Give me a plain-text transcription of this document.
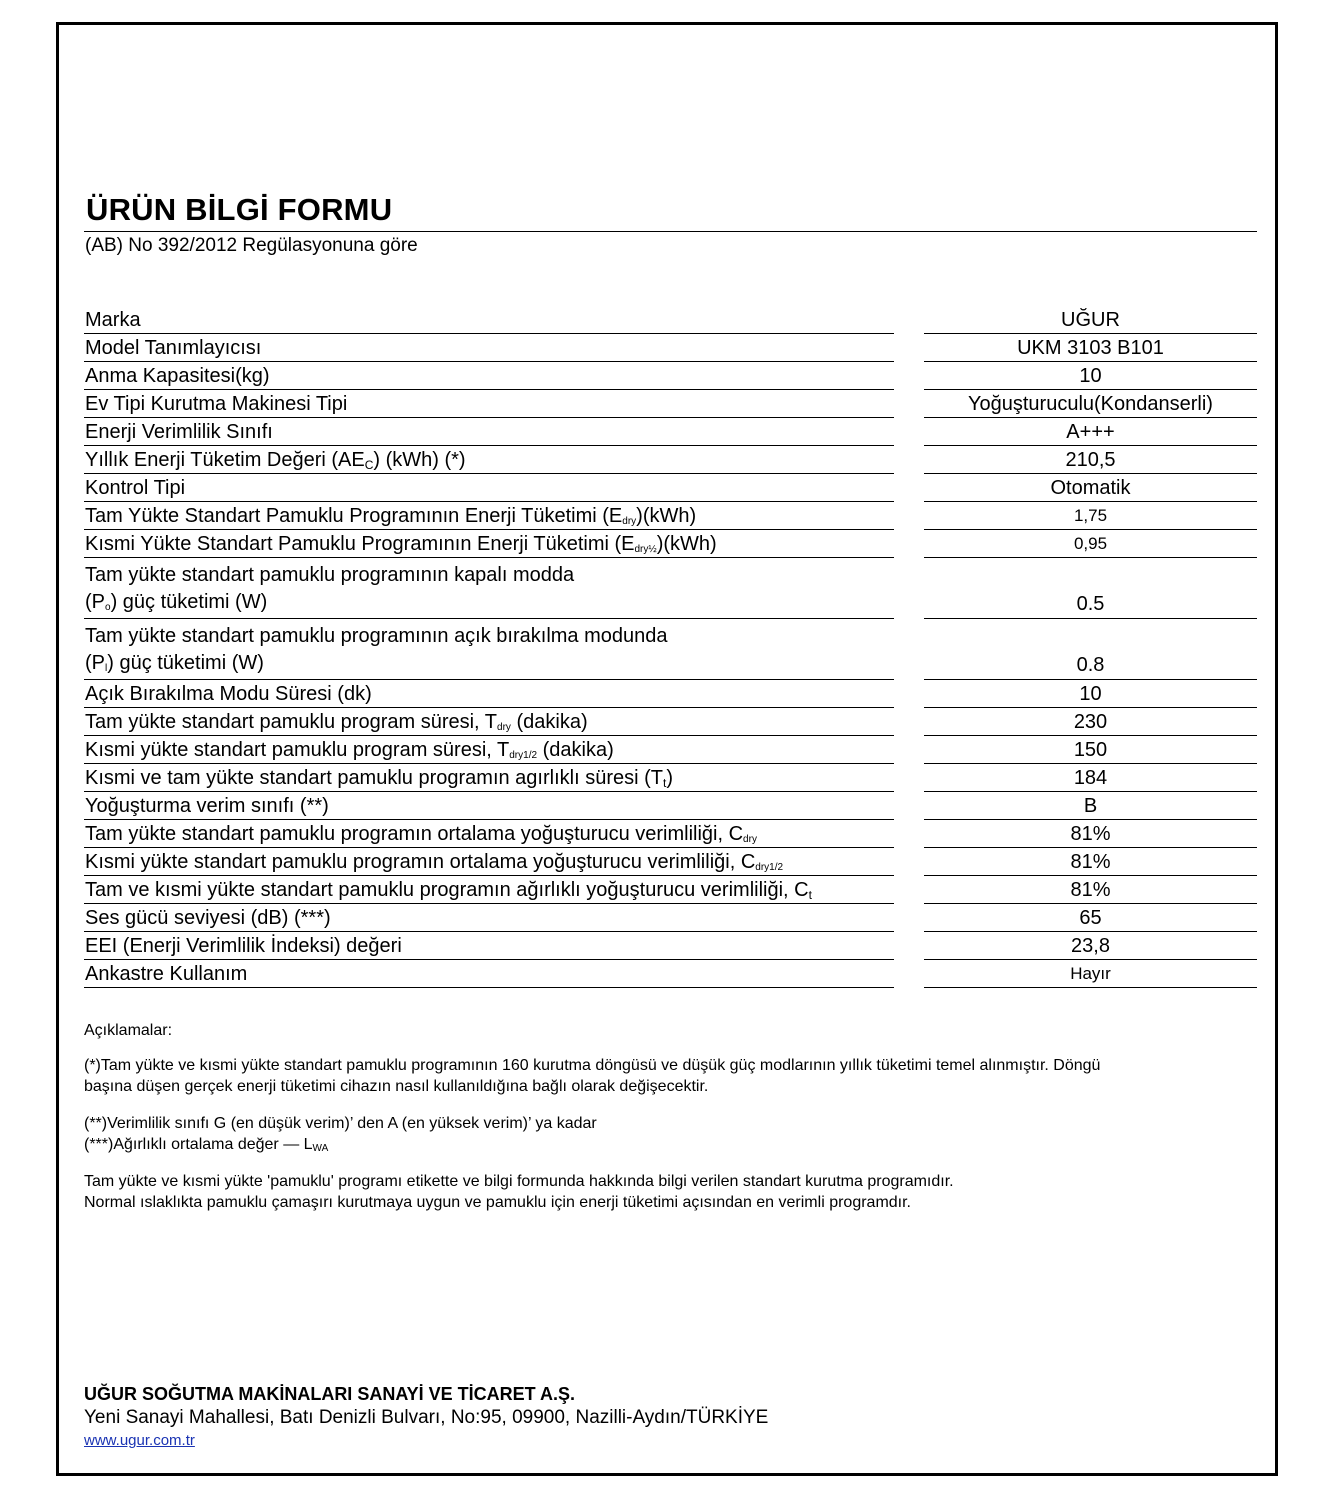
ÜRÜN BİLGİ FORMU
(AB) No 392/2012 Regülasyonuna göre
Marka	UĞUR
Model Tanımlayıcısı	UKM 3103 B101
Anma Kapasitesi(kg)	10
Ev Tipi Kurutma Makinesi Tipi	Yoğuşturuculu(Kondanserli)
Enerji Verimlilik Sınıfı	A+++
Yıllık Enerji Tüketim Değeri $(AE_C)$ (kWh) (*)	210,5
Kontrol Tipi	Otomatik
Tam Yükte Standart Pamuklu Programının Enerji Tüketimi $(E_{dry})(kWh)$	1,75
Kısmi Yükte Standart Pamuklu Programının Enerji Tüketimi $(E_{dry\frac{1}{2}})(kWh)$	0,95
Tam yükte standart pamuklu programının kapalı modda
$(P_o)$ güç tüketimi (W)	0.5
Tam yükte standart pamuklu programının açık bırakılma modunda
$(P_l)$ güç tüketimi (W)	0.8
Açık Bırakılma Modu Süresi (dk)	10
Tam yükte standart pamuklu program süresi, $T_{dry}$ (dakika)	230
Kısmi yükte standart pamuklu program süresi, $T_{dry1/2}$ (dakika)	150
Kısmi ve tam yükte standart pamuklu programın agırlıklı süresi $(T_t)$	184
Yoğuşturma verim sınıfı (**)	B
Tam yükte standart pamuklu programın ortalama yoğuşturucu verimliliği, $C_{dry}$	81%
Kısmi yükte standart pamuklu programın ortalama yoğuşturucu verimliliği, $C_{dry1/2}$	81%
Tam ve kısmi yükte standart pamuklu programın ağırlıklı yoğuşturucu verimliliği, $C_t$	81%
Ses gücü seviyesi (dB) (***)	65
EEI (Enerji Verimlilik İndeksi) değeri	23,8
Ankastre Kullanım	Hayır

Açıklamalar:

(*)Tam yükte ve kısmi yükte standart pamuklu programının 160 kurutma döngüsü ve düşük güç modlarının yıllık tüketimi temel alınmıştır. Döngü

başına düşen gerçek enerji tüketimi cihazın nasıl kullanıldığına bağlı olarak değişecektir.

(**)Verimlilik sınıfı G (en düşük verim)’ den A (en yüksek verim)’ ya kadar

(***)Ağırlıklı ortalama değer — $L_{WA}$

Tam yükte ve kısmi yükte 'pamuklu' programı etikette ve bilgi formunda hakkında bilgi verilen standart kurutma programıdır.

Normal ıslaklıkta pamuklu çamaşırı kurutmaya uygun ve pamuklu için enerji tüketimi açısından en verimli programdır.

UĞUR SOĞUTMA MAKİNALARI SANAYİ VE TİCARET A.Ş.
Yeni Sanayi Mahallesi, Batı Denizli Bulvarı, No:95, 09900, Nazilli-Aydın/TÜRKİYE
www.ugur.com.tr
